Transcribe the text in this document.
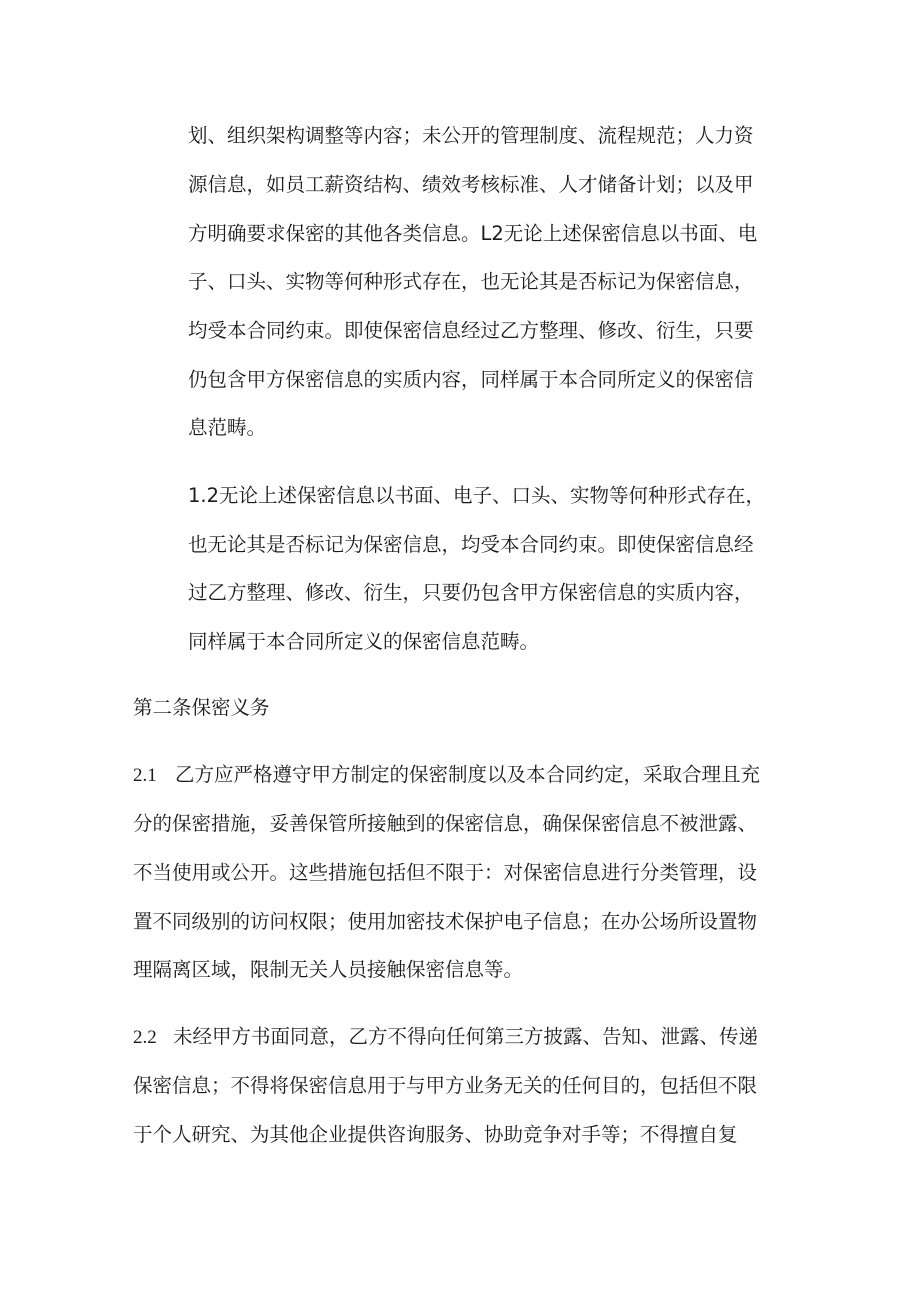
划、组织架构调整等内容；未公开的管理制度、流程规范；人力资
源信息，如员工薪资结构、绩效考核标准、人才储备计划；以及甲
方明确要求保密的其他各类信息。L2无论上述保密信息以书面、电
子、口头、实物等何种形式存在，也无论其是否标记为保密信息，
均受本合同约束。即使保密信息经过乙方整理、修改、衍生，只要
仍包含甲方保密信息的实质内容，同样属于本合同所定义的保密信
息范畴。
1.2无论上述保密信息以书面、电子、口头、实物等何种形式存在，
也无论其是否标记为保密信息，均受本合同约束。即使保密信息经
过乙方整理、修改、衍生，只要仍包含甲方保密信息的实质内容，
同样属于本合同所定义的保密信息范畴。
第二条保密义务
2.1 乙方应严格遵守甲方制定的保密制度以及本合同约定，采取合理且充
分的保密措施，妥善保管所接触到的保密信息，确保保密信息不被泄露、
不当使用或公开。这些措施包括但不限于：对保密信息进行分类管理，设
置不同级别的访问权限；使用加密技术保护电子信息；在办公场所设置物
理隔离区域，限制无关人员接触保密信息等。
2.2 未经甲方书面同意，乙方不得向任何第三方披露、告知、泄露、传递
保密信息；不得将保密信息用于与甲方业务无关的任何目的，包括但不限
于个人研究、为其他企业提供咨询服务、协助竞争对手等；不得擅自复
